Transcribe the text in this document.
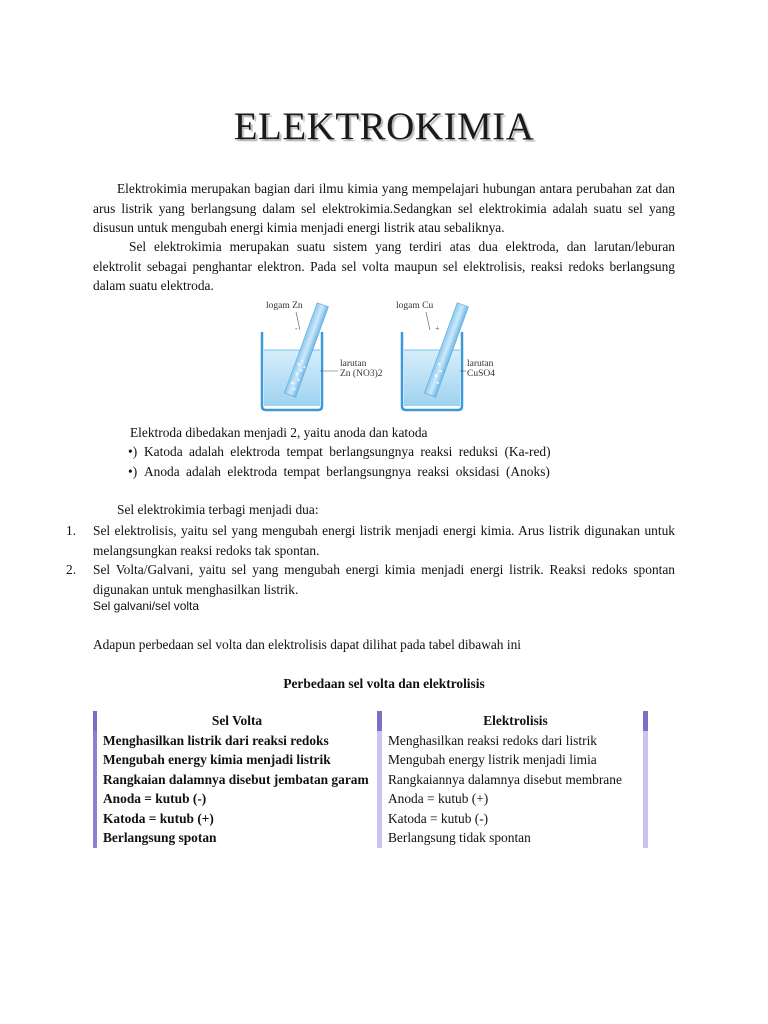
ELEKTROKIMIA
Elektrokimia merupakan bagian dari ilmu kimia yang mempelajari hubungan antara perubahan zat dan arus listrik yang berlangsung dalam sel elektrokimia.Sedangkan sel elektrokimia adalah suatu sel yang disusun untuk mengubah energi kimia menjadi energi listrik atau sebaliknya.
Sel elektrokimia merupakan suatu sistem yang terdiri atas dua elektroda, dan larutan/leburan elektrolit sebagai penghantar elektron. Pada sel volta maupun sel elektrolisis, reaksi redoks berlangsung dalam suatu elektroda.
logam Zn
-
larutan
Zn (NO3)2
logam Cu
+
larutan
CuSO4
Elektroda dibedakan menjadi 2, yaitu anoda dan katoda
•) Katoda adalah elektroda tempat berlangsungnya reaksi reduksi (Ka-red)
•) Anoda adalah elektroda tempat berlangsungnya reaksi oksidasi (Anoks)
Sel elektrokimia terbagi menjadi dua:
1. Sel elektrolisis, yaitu sel yang mengubah energi listrik menjadi energi kimia. Arus listrik digunakan untuk melangsungkan reaksi redoks tak spontan.
2. Sel Volta/Galvani, yaitu sel yang mengubah energi kimia menjadi energi listrik. Reaksi redoks spontan digunakan untuk menghasilkan listrik.
Sel galvani/sel volta
Adapun perbedaan sel volta dan elektrolisis dapat dilihat pada tabel dibawah ini
Perbedaan sel volta dan elektrolisis
Sel Volta	Elektrolisis	
Menghasilkan listrik dari reaksi redoks	Menghasilkan reaksi redoks dari listrik	
Mengubah energy kimia menjadi listrik	Mengubah energy listrik menjadi limia	
Rangkaian dalamnya disebut jembatan garam	Rangkaiannya dalamnya disebut membrane	
Anoda = kutub (-)	Anoda = kutub (+)	
Katoda = kutub (+)	Katoda = kutub (-)	
Berlangsung spotan	Berlangsung tidak spontan	
